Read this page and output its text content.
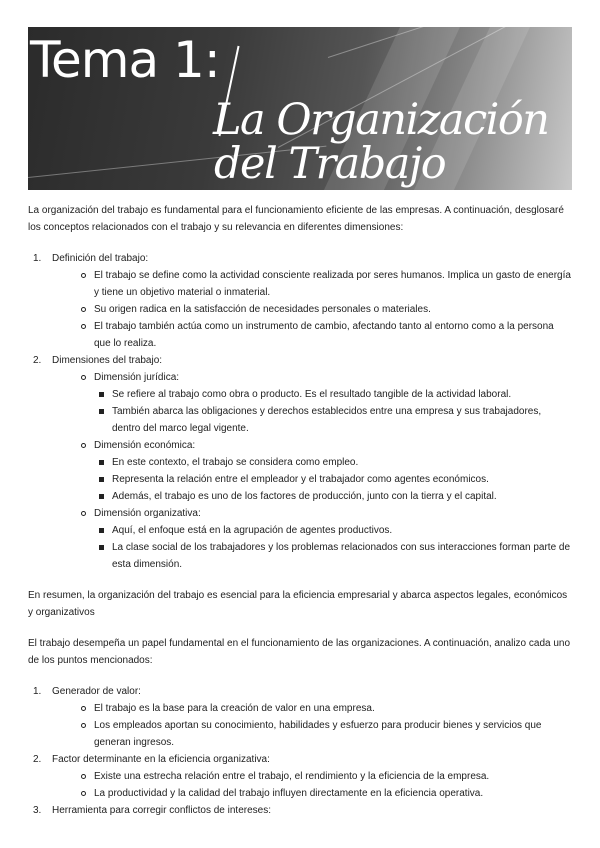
Tema 1:
La Organización
del Trabajo

La organización del trabajo es fundamental para el funcionamiento eficiente de las empresas. A continuación, desglosaré los conceptos relacionados con el trabajo y su relevancia en diferentes dimensiones:

1. Definición del trabajo:
El trabajo se define como la actividad consciente realizada por seres humanos. Implica un gasto de energía y tiene un objetivo material o inmaterial.
Su origen radica en la satisfacción de necesidades personales o materiales.
El trabajo también actúa como un instrumento de cambio, afectando tanto al entorno como a la persona que lo realiza.
2. Dimensiones del trabajo:
Dimensión jurídica:
Se refiere al trabajo como obra o producto. Es el resultado tangible de la actividad laboral.
También abarca las obligaciones y derechos establecidos entre una empresa y sus trabajadores, dentro del marco legal vigente.
Dimensión económica:
En este contexto, el trabajo se considera como empleo.
Representa la relación entre el empleador y el trabajador como agentes económicos.
Además, el trabajo es uno de los factores de producción, junto con la tierra y el capital.
Dimensión organizativa:
Aquí, el enfoque está en la agrupación de agentes productivos.
La clase social de los trabajadores y los problemas relacionados con sus interacciones forman parte de esta dimensión.

En resumen, la organización del trabajo es esencial para la eficiencia empresarial y abarca aspectos legales, económicos y organizativos

El trabajo desempeña un papel fundamental en el funcionamiento de las organizaciones. A continuación, analizo cada uno de los puntos mencionados:

1. Generador de valor:
El trabajo es la base para la creación de valor en una empresa.
Los empleados aportan su conocimiento, habilidades y esfuerzo para producir bienes y servicios que generan ingresos.
2. Factor determinante en la eficiencia organizativa:
Existe una estrecha relación entre el trabajo, el rendimiento y la eficiencia de la empresa.
La productividad y la calidad del trabajo influyen directamente en la eficiencia operativa.
3. Herramienta para corregir conflictos de intereses:
